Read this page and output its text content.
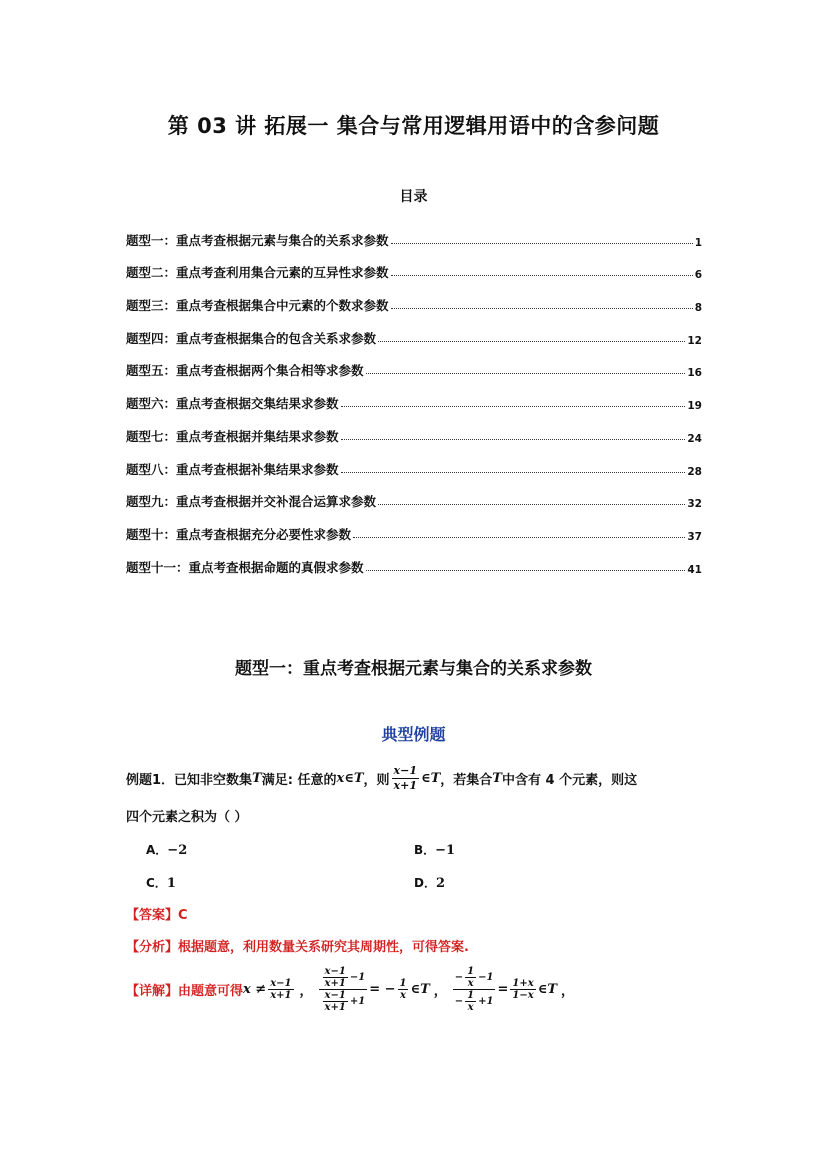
第 03 讲 拓展一 集合与常用逻辑用语中的含参问题
目录
题型一：重点考查根据元素与集合的关系求参数	1
题型二：重点考查利用集合元素的互异性求参数	6
题型三：重点考查根据集合中元素的个数求参数	8
题型四：重点考查根据集合的包含关系求参数	12
题型五：重点考查根据两个集合相等求参数	16
题型六：重点考查根据交集结果求参数	19
题型七：重点考查根据并集结果求参数	24
题型八：重点考查根据补集结果求参数	28
题型九：重点考查根据并交补混合运算求参数	32
题型十：重点考查根据充分必要性求参数	37
题型十一：重点考查根据命题的真假求参数	41
题型一：重点考查根据元素与集合的关系求参数
典型例题
例题1．已知非空数集 T 满足: 任意的 x∈T ，则 $\frac{x-1}{x+1}$ ∈T ，若集合 T 中含有 4 个元素，则这
四个元素之积为（ ）
A．−2	B．−1
C．1	D．2
【答案】C
【分析】根据题意，利用数量关系研究其周期性，可得答案.
【详解】 由题意可得 $x \ne \frac{x-1}{x+1}$ ， $\frac{\frac{x-1}{x+1} -1}{\frac{x-1}{x+1} +1}$ = − $\frac{1}{x}$ ∈T ， $\frac{- \frac{1}{x} -1}{- \frac{1}{x} +1} = \frac{1+x}{1-x}$ ∈T ，
